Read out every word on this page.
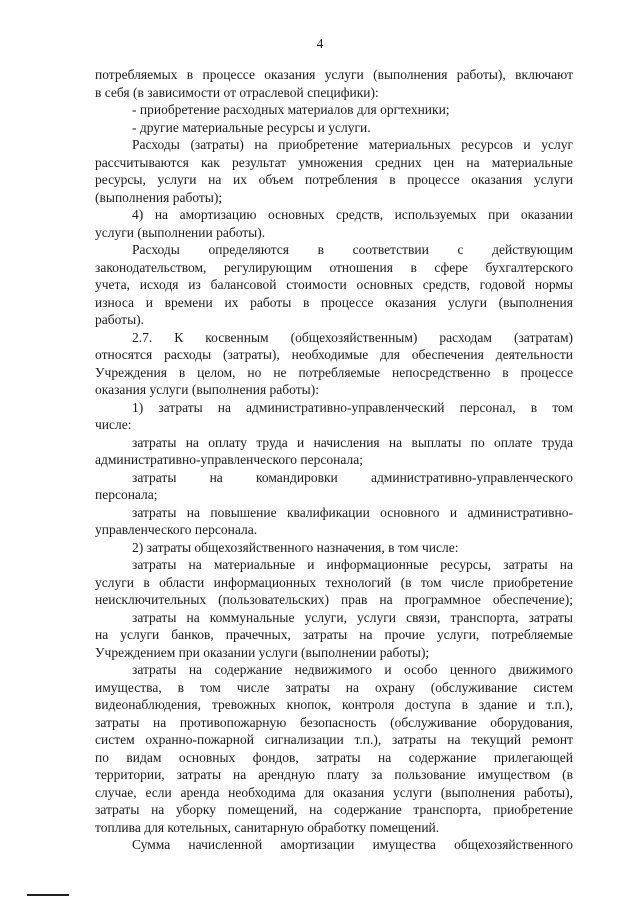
4
потребляемых в процессе оказания услуги (выполнения работы), включают
в себя (в зависимости от отраслевой специфики):
- приобретение расходных материалов для оргтехники;
- другие материальные ресурсы и услуги.
Расходы (затраты) на приобретение материальных ресурсов и услуг
рассчитываются как результат умножения средних цен на материальные
ресурсы, услуги на их объем потребления в процессе оказания услуги
(выполнения работы);
4) на амортизацию основных средств, используемых при оказании
услуги (выполнении работы).
Расходы определяются в соответствии с действующим
законодательством, регулирующим отношения в сфере бухгалтерского
учета, исходя из балансовой стоимости основных средств, годовой нормы
износа и времени их работы в процессе оказания услуги (выполнения
работы).
2.7. К косвенным (общехозяйственным) расходам (затратам)
относятся расходы (затраты), необходимые для обеспечения деятельности
Учреждения в целом, но не потребляемые непосредственно в процессе
оказания услуги (выполнения работы):
1) затраты на административно-управленческий персонал, в том
числе:
затраты на оплату труда и начисления на выплаты по оплате труда
административно-управленческого персонала;
затраты на командировки административно-управленческого
персонала;
затраты на повышение квалификации основного и административно-
управленческого персонала.
2) затраты общехозяйственного назначения, в том числе:
затраты на материальные и информационные ресурсы, затраты на
услуги в области информационных технологий (в том числе приобретение
неисключительных (пользовательских) прав на программное обеспечение);
затраты на коммунальные услуги, услуги связи, транспорта, затраты
на услуги банков, прачечных, затраты на прочие услуги, потребляемые
Учреждением при оказании услуги (выполнении работы);
затраты на содержание недвижимого и особо ценного движимого
имущества, в том числе затраты на охрану (обслуживание систем
видеонаблюдения, тревожных кнопок, контроля доступа в здание и т.п.),
затраты на противопожарную безопасность (обслуживание оборудования,
систем охранно-пожарной сигнализации т.п.), затраты на текущий ремонт
по видам основных фондов, затраты на содержание прилегающей
территории, затраты на арендную плату за пользование имуществом (в
случае, если аренда необходима для оказания услуги (выполнения работы),
затраты на уборку помещений, на содержание транспорта, приобретение
топлива для котельных, санитарную обработку помещений.
Сумма начисленной амортизации имущества общехозяйственного
